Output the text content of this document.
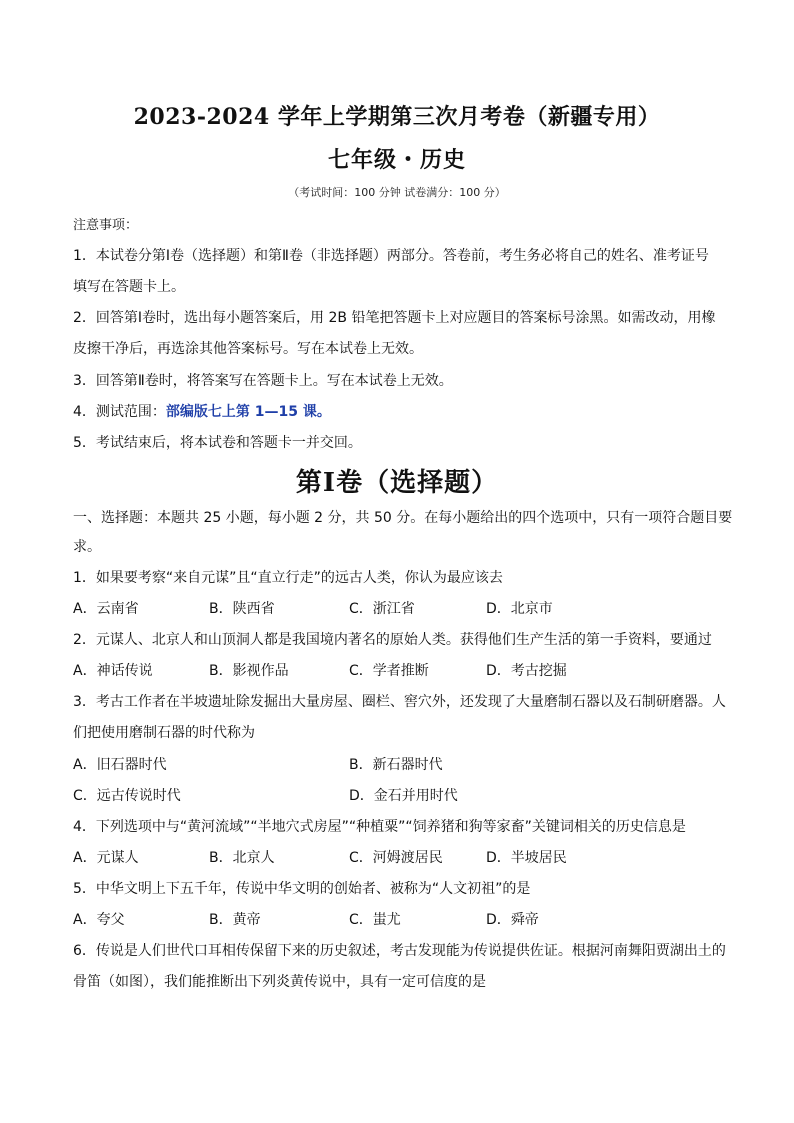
2023-2024 学年上学期第三次月考卷（新疆专用）
七年级・历史
（考试时间：100 分钟 试卷满分：100 分）
注意事项：
1．本试卷分第Ⅰ卷（选择题）和第Ⅱ卷（非选择题）两部分。答卷前，考生务必将自己的姓名、准考证号
填写在答题卡上。
2．回答第Ⅰ卷时，选出每小题答案后，用 2B 铅笔把答题卡上对应题目的答案标号涂黑。如需改动，用橡
皮擦干净后，再选涂其他答案标号。写在本试卷上无效。
3．回答第Ⅱ卷时，将答案写在答题卡上。写在本试卷上无效。
4．测试范围：部编版七上第 1—15 课。
5．考试结束后，将本试卷和答题卡一并交回。
第Ⅰ卷（选择题）
一、选择题：本题共 25 小题，每小题 2 分，共 50 分。在每小题给出的四个选项中，只有一项符合题目要
求。
1．如果要考察“来自元谋”且“直立行走”的远古人类，你认为最应该去
A．云南省	B．陕西省	C．浙江省	D．北京市
2．元谋人、北京人和山顶洞人都是我国境内著名的原始人类。获得他们生产生活的第一手资料，要通过
A．神话传说	B．影视作品	C．学者推断	D．考古挖掘
3．考古工作者在半坡遗址除发掘出大量房屋、圈栏、窖穴外，还发现了大量磨制石器以及石制研磨器。人
们把使用磨制石器的时代称为
A．旧石器时代	B．新石器时代
C．远古传说时代	D．金石并用时代
4．下列选项中与“黄河流域”“半地穴式房屋”“种植粟”“饲养猪和狗等家畜”关键词相关的历史信息是
A．元谋人	B．北京人	C．河姆渡居民	D．半坡居民
5．中华文明上下五千年，传说中华文明的创始者、被称为“人文初祖”的是
A．夸父	B．黄帝	C．蚩尤	D．舜帝
6．传说是人们世代口耳相传保留下来的历史叙述，考古发现能为传说提供佐证。根据河南舞阳贾湖出土的
骨笛（如图），我们能推断出下列炎黄传说中，具有一定可信度的是
